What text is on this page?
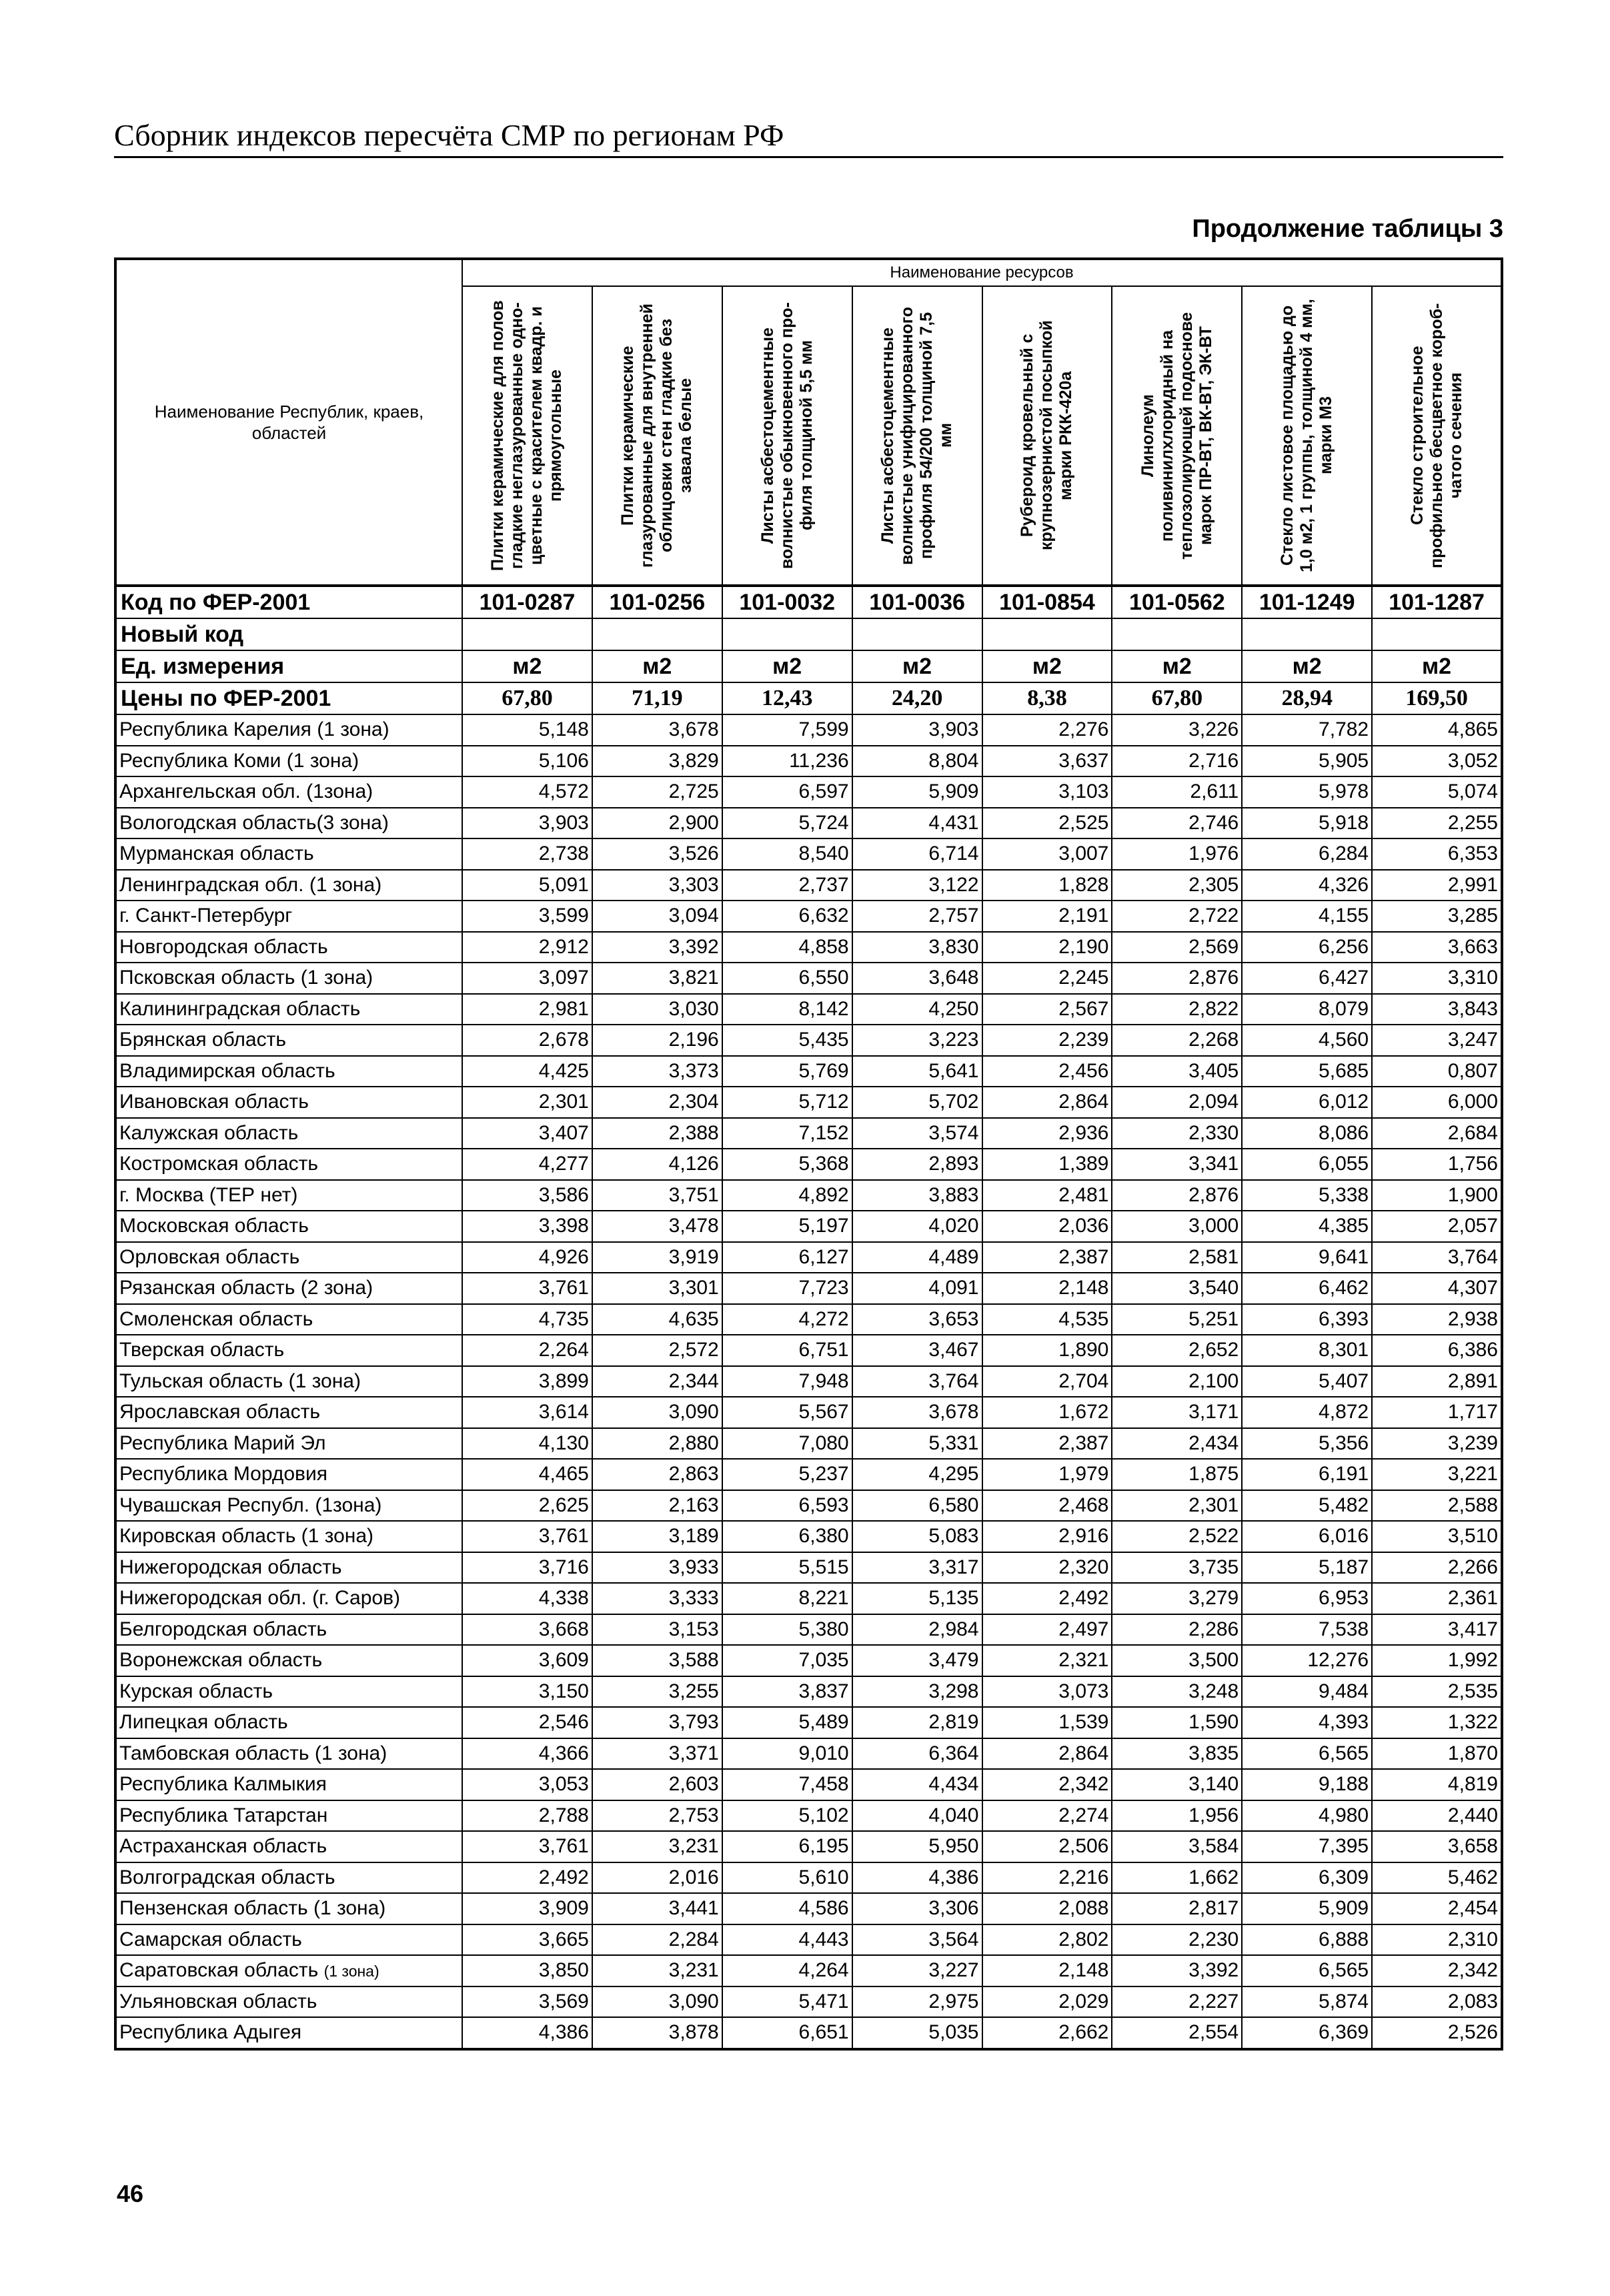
Сборник индексов пересчёта СМР по регионам РФ
Продолжение таблицы 3
Наименование Республик, краев, областей	Наименование ресурсов							

	Плитки керамические для полов гладкие неглазурованные одно-цветные с красителем квадр. и прямоугольные	Плитки керамические глазурованные для внутренней облицовки стен гладкие без завала белые	Листы асбестоцементные волнистые обыкновенного про-филя толщиной 5,5 мм	Листы асбестоцементные волнистые унифицированного профиля 54/200 толщиной 7,5 мм	Рубероид кровельный с крупнозернистой посыпкой марки РКК-420а	Линолеум поливинилхлоридный на теплозолирующей подоснове марок ПР-ВТ, ВК-ВТ, ЭК-ВТ	Стекло листовое площадью до 1,0 м2, 1 группы, толщиной 4 мм, марки М3	Стекло строительное профильное бесцветное короб-чатого сечения

Код по ФЕР-2001	101-0287	101-0256	101-0032	101-0036	101-0854	101-0562	101-1249	101-1287
Новый код								
Ед. измерения	м2	м2	м2	м2	м2	м2	м2	м2
Цены по ФЕР-2001	67,80	71,19	12,43	24,20	8,38	67,80	28,94	169,50
Республика Карелия (1 зона)	5,148	3,678	7,599	3,903	2,276	3,226	7,782	4,865
Республика Коми (1 зона)	5,106	3,829	11,236	8,804	3,637	2,716	5,905	3,052
Архангельская обл. (1зона)	4,572	2,725	6,597	5,909	3,103	2,611	5,978	5,074
Вологодская область(3 зона)	3,903	2,900	5,724	4,431	2,525	2,746	5,918	2,255
Мурманская область	2,738	3,526	8,540	6,714	3,007	1,976	6,284	6,353
Ленинградская обл. (1 зона)	5,091	3,303	2,737	3,122	1,828	2,305	4,326	2,991
г. Санкт-Петербург	3,599	3,094	6,632	2,757	2,191	2,722	4,155	3,285
Новгородская область	2,912	3,392	4,858	3,830	2,190	2,569	6,256	3,663
Псковская область (1 зона)	3,097	3,821	6,550	3,648	2,245	2,876	6,427	3,310
Калининградская область	2,981	3,030	8,142	4,250	2,567	2,822	8,079	3,843
Брянская область	2,678	2,196	5,435	3,223	2,239	2,268	4,560	3,247
Владимирская область	4,425	3,373	5,769	5,641	2,456	3,405	5,685	0,807
Ивановская область	2,301	2,304	5,712	5,702	2,864	2,094	6,012	6,000
Калужская область	3,407	2,388	7,152	3,574	2,936	2,330	8,086	2,684
Костромская область	4,277	4,126	5,368	2,893	1,389	3,341	6,055	1,756
г. Москва (ТЕР нет)	3,586	3,751	4,892	3,883	2,481	2,876	5,338	1,900
Московская область	3,398	3,478	5,197	4,020	2,036	3,000	4,385	2,057
Орловская область	4,926	3,919	6,127	4,489	2,387	2,581	9,641	3,764
Рязанская область (2 зона)	3,761	3,301	7,723	4,091	2,148	3,540	6,462	4,307
Смоленская область	4,735	4,635	4,272	3,653	4,535	5,251	6,393	2,938
Тверская область	2,264	2,572	6,751	3,467	1,890	2,652	8,301	6,386
Тульская область (1 зона)	3,899	2,344	7,948	3,764	2,704	2,100	5,407	2,891
Ярославская область	3,614	3,090	5,567	3,678	1,672	3,171	4,872	1,717
Республика Марий Эл	4,130	2,880	7,080	5,331	2,387	2,434	5,356	3,239
Республика Мордовия	4,465	2,863	5,237	4,295	1,979	1,875	6,191	3,221
Чувашская Республ. (1зона)	2,625	2,163	6,593	6,580	2,468	2,301	5,482	2,588
Кировская область (1 зона)	3,761	3,189	6,380	5,083	2,916	2,522	6,016	3,510
Нижегородская область	3,716	3,933	5,515	3,317	2,320	3,735	5,187	2,266
Нижегородская обл. (г. Саров)	4,338	3,333	8,221	5,135	2,492	3,279	6,953	2,361
Белгородская область	3,668	3,153	5,380	2,984	2,497	2,286	7,538	3,417
Воронежская область	3,609	3,588	7,035	3,479	2,321	3,500	12,276	1,992
Курская область	3,150	3,255	3,837	3,298	3,073	3,248	9,484	2,535
Липецкая область	2,546	3,793	5,489	2,819	1,539	1,590	4,393	1,322
Тамбовская область (1 зона)	4,366	3,371	9,010	6,364	2,864	3,835	6,565	1,870
Республика Калмыкия	3,053	2,603	7,458	4,434	2,342	3,140	9,188	4,819
Республика Татарстан	2,788	2,753	5,102	4,040	2,274	1,956	4,980	2,440
Астраханская область	3,761	3,231	6,195	5,950	2,506	3,584	7,395	3,658
Волгоградская область	2,492	2,016	5,610	4,386	2,216	1,662	6,309	5,462
Пензенская область (1 зона)	3,909	3,441	4,586	3,306	2,088	2,817	5,909	2,454
Самарская область	3,665	2,284	4,443	3,564	2,802	2,230	6,888	2,310
Саратовская область (1 зона)	3,850	3,231	4,264	3,227	2,148	3,392	6,565	2,342
Ульяновская область	3,569	3,090	5,471	2,975	2,029	2,227	5,874	2,083
Республика Адыгея	4,386	3,878	6,651	5,035	2,662	2,554	6,369	2,526
46
